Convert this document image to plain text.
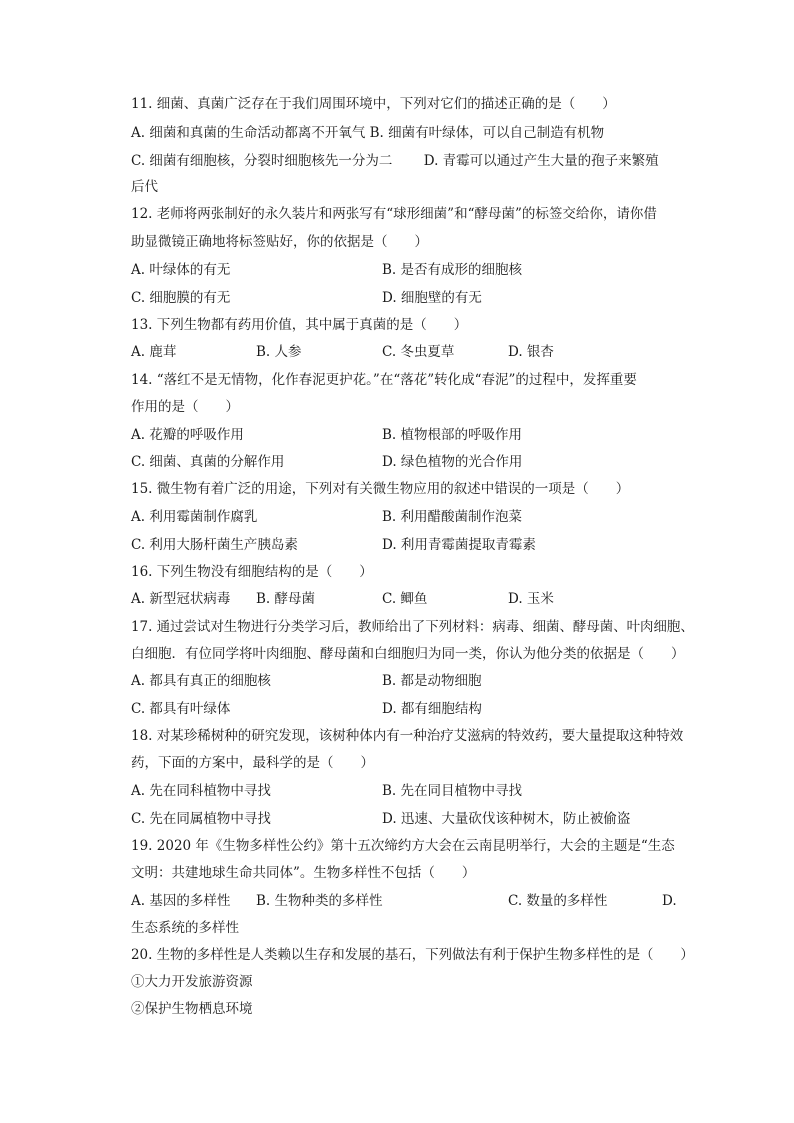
11. 细菌、真菌广泛存在于我们周围环境中，下列对它们的描述正确的是（　　）
A. 细菌和真菌的生命活动都离不开氧气 B. 细菌有叶绿体，可以自己制造有机物
C. 细菌有细胞核，分裂时细胞核先一分为二　　 D. 青霉可以通过产生大量的孢子来繁殖
后代
12. 老师将两张制好的永久装片和两张写有“球形细菌”和“酵母菌”的标签交给你，请你借
助显微镜正确地将标签贴好，你的依据是（　　）
A. 叶绿体的有无	B. 是否有成形的细胞核
C. 细胞膜的有无	D. 细胞壁的有无
13. 下列生物都有药用价值，其中属于真菌的是（　　）
A. 鹿茸	B. 人参	C. 冬虫夏草	D. 银杏
14. “落红不是无情物，化作春泥更护花。”在“落花”转化成“春泥”的过程中，发挥重要
作用的是（　　）
A. 花瓣的呼吸作用	B. 植物根部的呼吸作用
C. 细菌、真菌的分解作用	D. 绿色植物的光合作用
15. 微生物有着广泛的用途，下列对有关微生物应用的叙述中错误的一项是（　　）
A. 利用霉菌制作腐乳	B. 利用醋酸菌制作泡菜
C. 利用大肠杆菌生产胰岛素	D. 利用青霉菌提取青霉素
16. 下列生物没有细胞结构的是（　　）
A. 新型冠状病毒 B. 酵母菌	C. 鲫鱼	D. 玉米
17. 通过尝试对生物进行分类学习后，教师给出了下列材料：病毒、细菌、酵母菌、叶肉细胞、
白细胞．有位同学将叶肉细胞、酵母菌和白细胞归为同一类，你认为他分类的依据是（　　）
A. 都具有真正的细胞核	B. 都是动物细胞
C. 都具有叶绿体	D. 都有细胞结构
18. 对某珍稀树种的研究发现，该树种体内有一种治疗艾滋病的特效药，要大量提取这种特效
药，下面的方案中，最科学的是（　　）
A. 先在同科植物中寻找	B. 先在同目植物中寻找
C. 先在同属植物中寻找	D. 迅速、大量砍伐该种树木，防止被偷盗
19. 2020 年《生物多样性公约》第十五次缔约方大会在云南昆明举行，大会的主题是“生态
文明：共建地球生命共同体”。生物多样性不包括（　　）
A. 基因的多样性 B. 生物种类的多样性	C. 数量的多样性	D.
生态系统的多样性
20. 生物的多样性是人类赖以生存和发展的基石，下列做法有利于保护生物多样性的是（　　）
①大力开发旅游资源
②保护生物栖息环境
